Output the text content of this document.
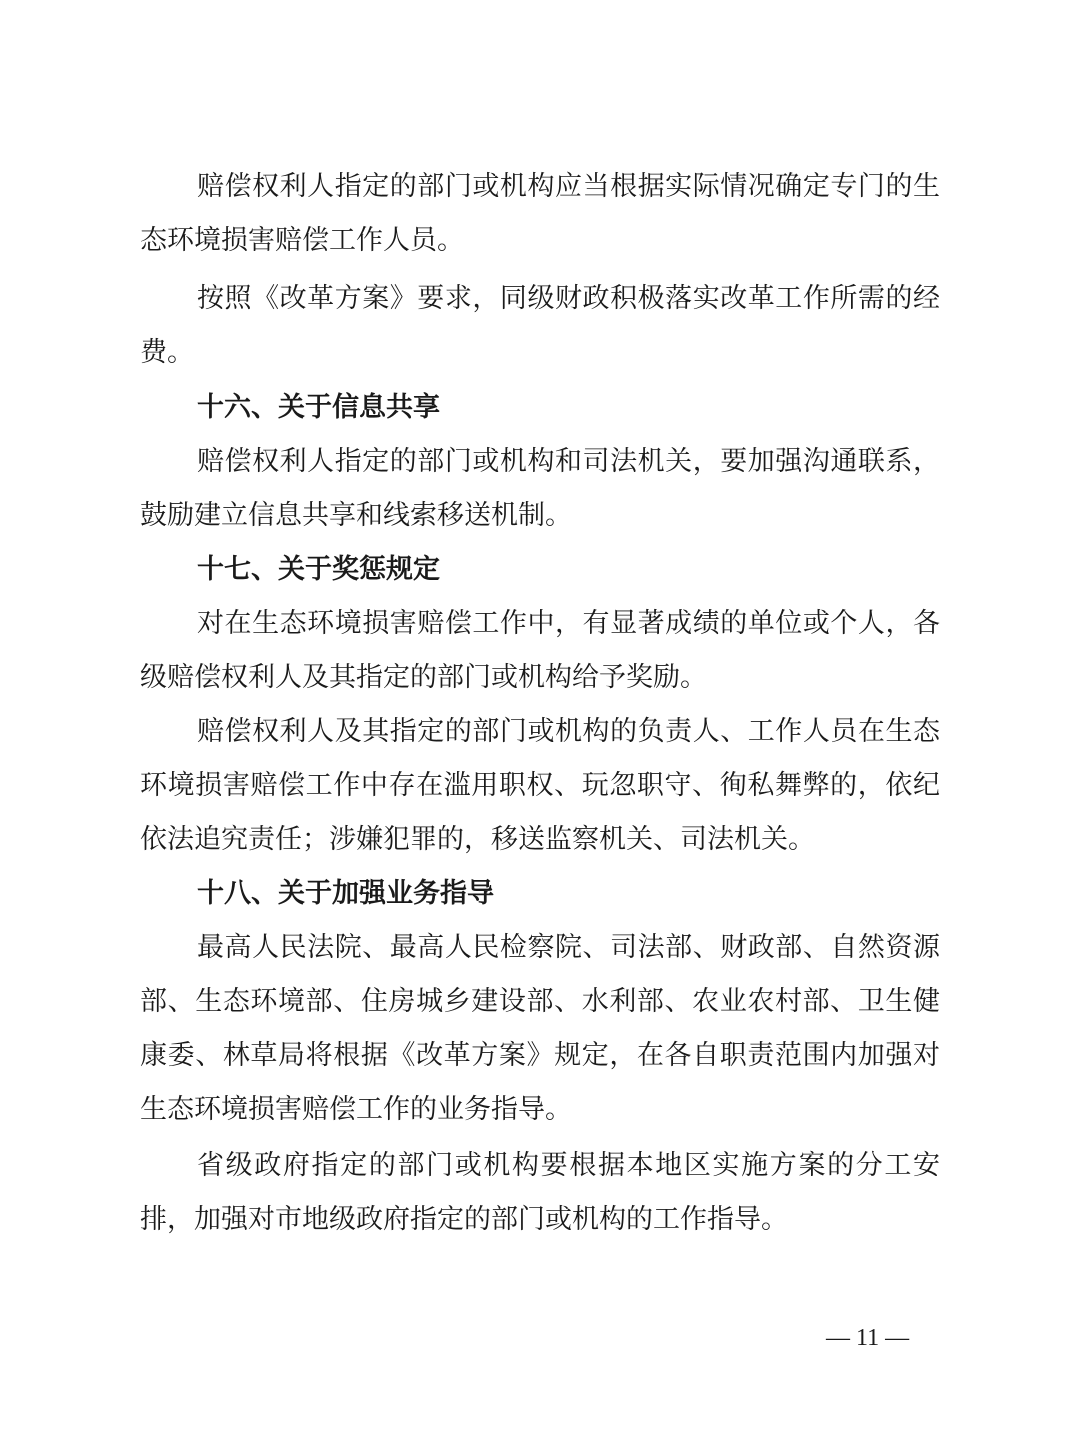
赔偿权利人指定的部门或机构应当根据实际情况确定专门的生
态环境损害赔偿工作人员。
按照《改革方案》要求，同级财政积极落实改革工作所需的经
费。
十六、关于信息共享
赔偿权利人指定的部门或机构和司法机关，要加强沟通联系，
鼓励建立信息共享和线索移送机制。
十七、关于奖惩规定
对在生态环境损害赔偿工作中，有显著成绩的单位或个人，各
级赔偿权利人及其指定的部门或机构给予奖励。
赔偿权利人及其指定的部门或机构的负责人、工作人员在生态
环境损害赔偿工作中存在滥用职权、玩忽职守、徇私舞弊的，依纪
依法追究责任；涉嫌犯罪的，移送监察机关、司法机关。
十八、关于加强业务指导
最高人民法院、最高人民检察院、司法部、财政部、自然资源
部、生态环境部、住房城乡建设部、水利部、农业农村部、卫生健
康委、林草局将根据《改革方案》规定，在各自职责范围内加强对
生态环境损害赔偿工作的业务指导。
省级政府指定的部门或机构要根据本地区实施方案的分工安
排，加强对市地级政府指定的部门或机构的工作指导。
— 11 —
